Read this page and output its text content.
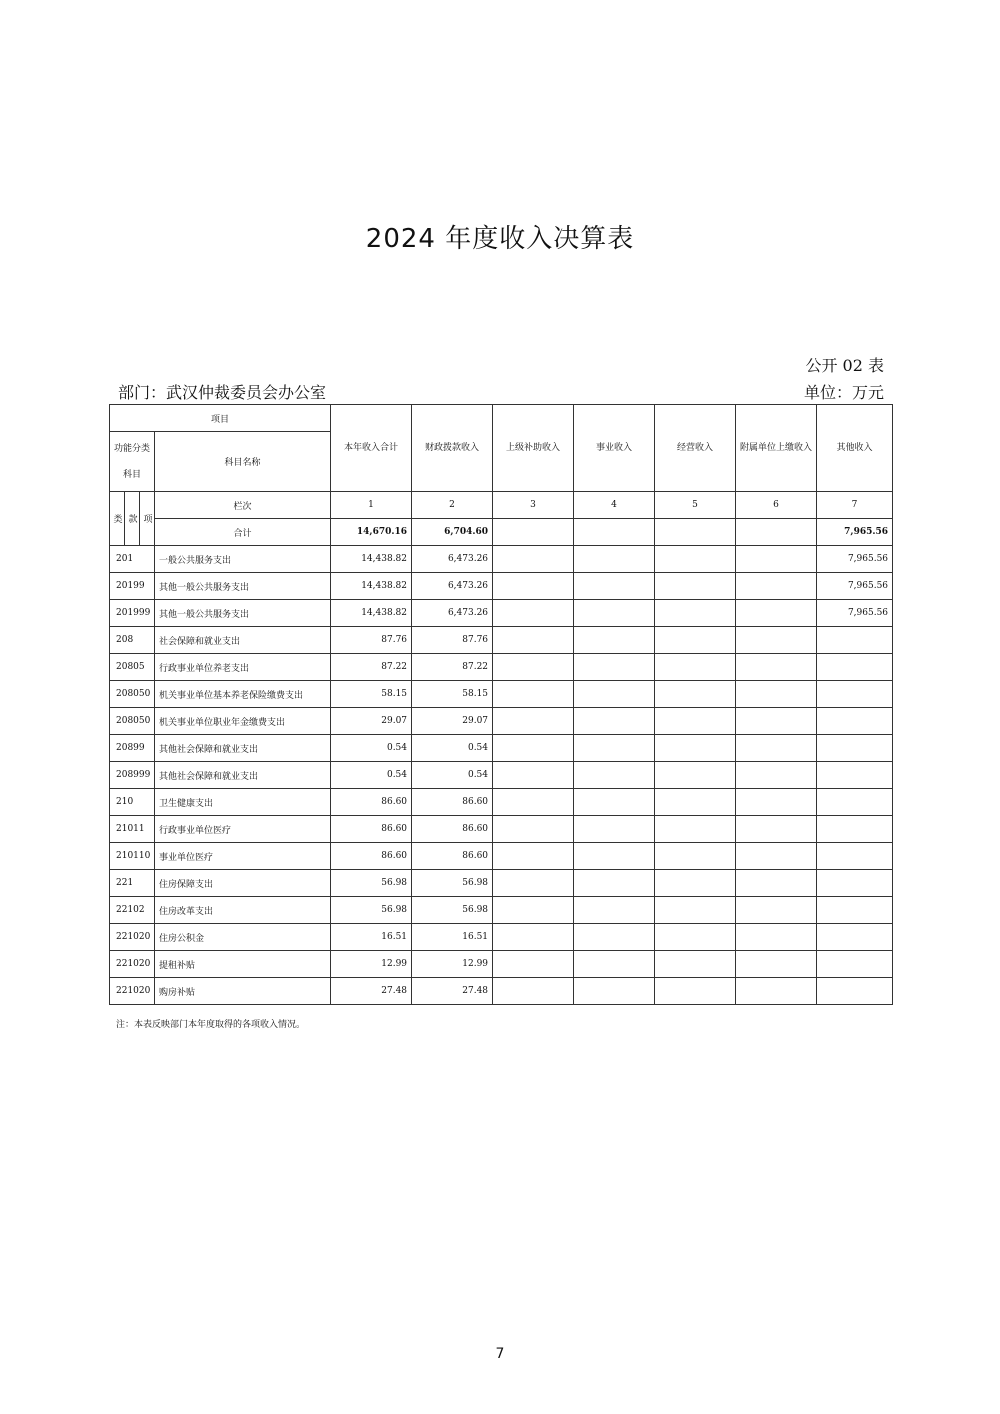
2024 年度收入决算表
公开 02 表
部门：武汉仲裁委员会办公室	单位：万元
项目				本年收入合计	财政拨款收入	上级补助收入	事业收入	经营收入	附属单位上缴收入	其他收入
功能分类科目			科目名称							

类	款	项	栏次	1	2	3	4	5	6	7
			合计	14,670.16	6,704.60					7,965.56
201			一般公共服务支出	14,438.82	6,473.26					7,965.56
20199			其他一般公共服务支出	14,438.82	6,473.26					7,965.56
201999			其他一般公共服务支出	14,438.82	6,473.26					7,965.56
208			社会保障和就业支出	87.76	87.76					
20805			行政事业单位养老支出	87.22	87.22					
208050			机关事业单位基本养老保险缴费支出	58.15	58.15					
208050			机关事业单位职业年金缴费支出	29.07	29.07					
20899			其他社会保障和就业支出	0.54	0.54					
208999			其他社会保障和就业支出	0.54	0.54					
210			卫生健康支出	86.60	86.60					
21011			行政事业单位医疗	86.60	86.60					
210110			事业单位医疗	86.60	86.60					
221			住房保障支出	56.98	56.98					
22102			住房改革支出	56.98	56.98					
221020			住房公积金	16.51	16.51					
221020			提租补贴	12.99	12.99					
221020			购房补贴	27.48	27.48					
注：本表反映部门本年度取得的各项收入情况。
7
